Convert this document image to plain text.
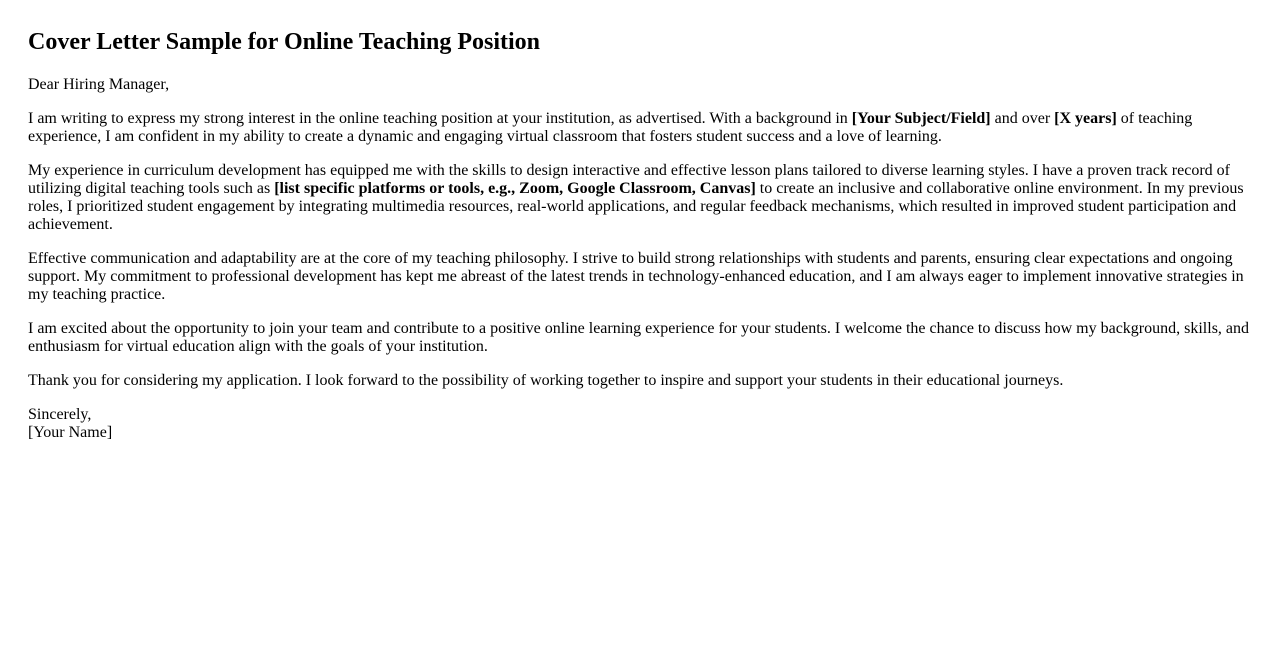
Cover Letter Sample for Online Teaching Position

Dear Hiring Manager,

I am writing to express my strong interest in the online teaching position at your institution, as advertised. With a background in [Your Subject/Field] and over [X years] of teaching experience, I am confident in my ability to create a dynamic and engaging virtual classroom that fosters student success and a love of learning.

My experience in curriculum development has equipped me with the skills to design interactive and effective lesson plans tailored to diverse learning styles. I have a proven track record of utilizing digital teaching tools such as [list specific platforms or tools, e.g., Zoom, Google Classroom, Canvas] to create an inclusive and collaborative online environment. In my previous roles, I prioritized student engagement by integrating multimedia resources, real-world applications, and regular feedback mechanisms, which resulted in improved student participation and achievement.

Effective communication and adaptability are at the core of my teaching philosophy. I strive to build strong relationships with students and parents, ensuring clear expectations and ongoing support. My commitment to professional development has kept me abreast of the latest trends in technology-enhanced education, and I am always eager to implement innovative strategies in my teaching practice.

I am excited about the opportunity to join your team and contribute to a positive online learning experience for your students. I welcome the chance to discuss how my background, skills, and enthusiasm for virtual education align with the goals of your institution.

Thank you for considering my application. I look forward to the possibility of working together to inspire and support your students in their educational journeys.

Sincerely,
[Your Name]
